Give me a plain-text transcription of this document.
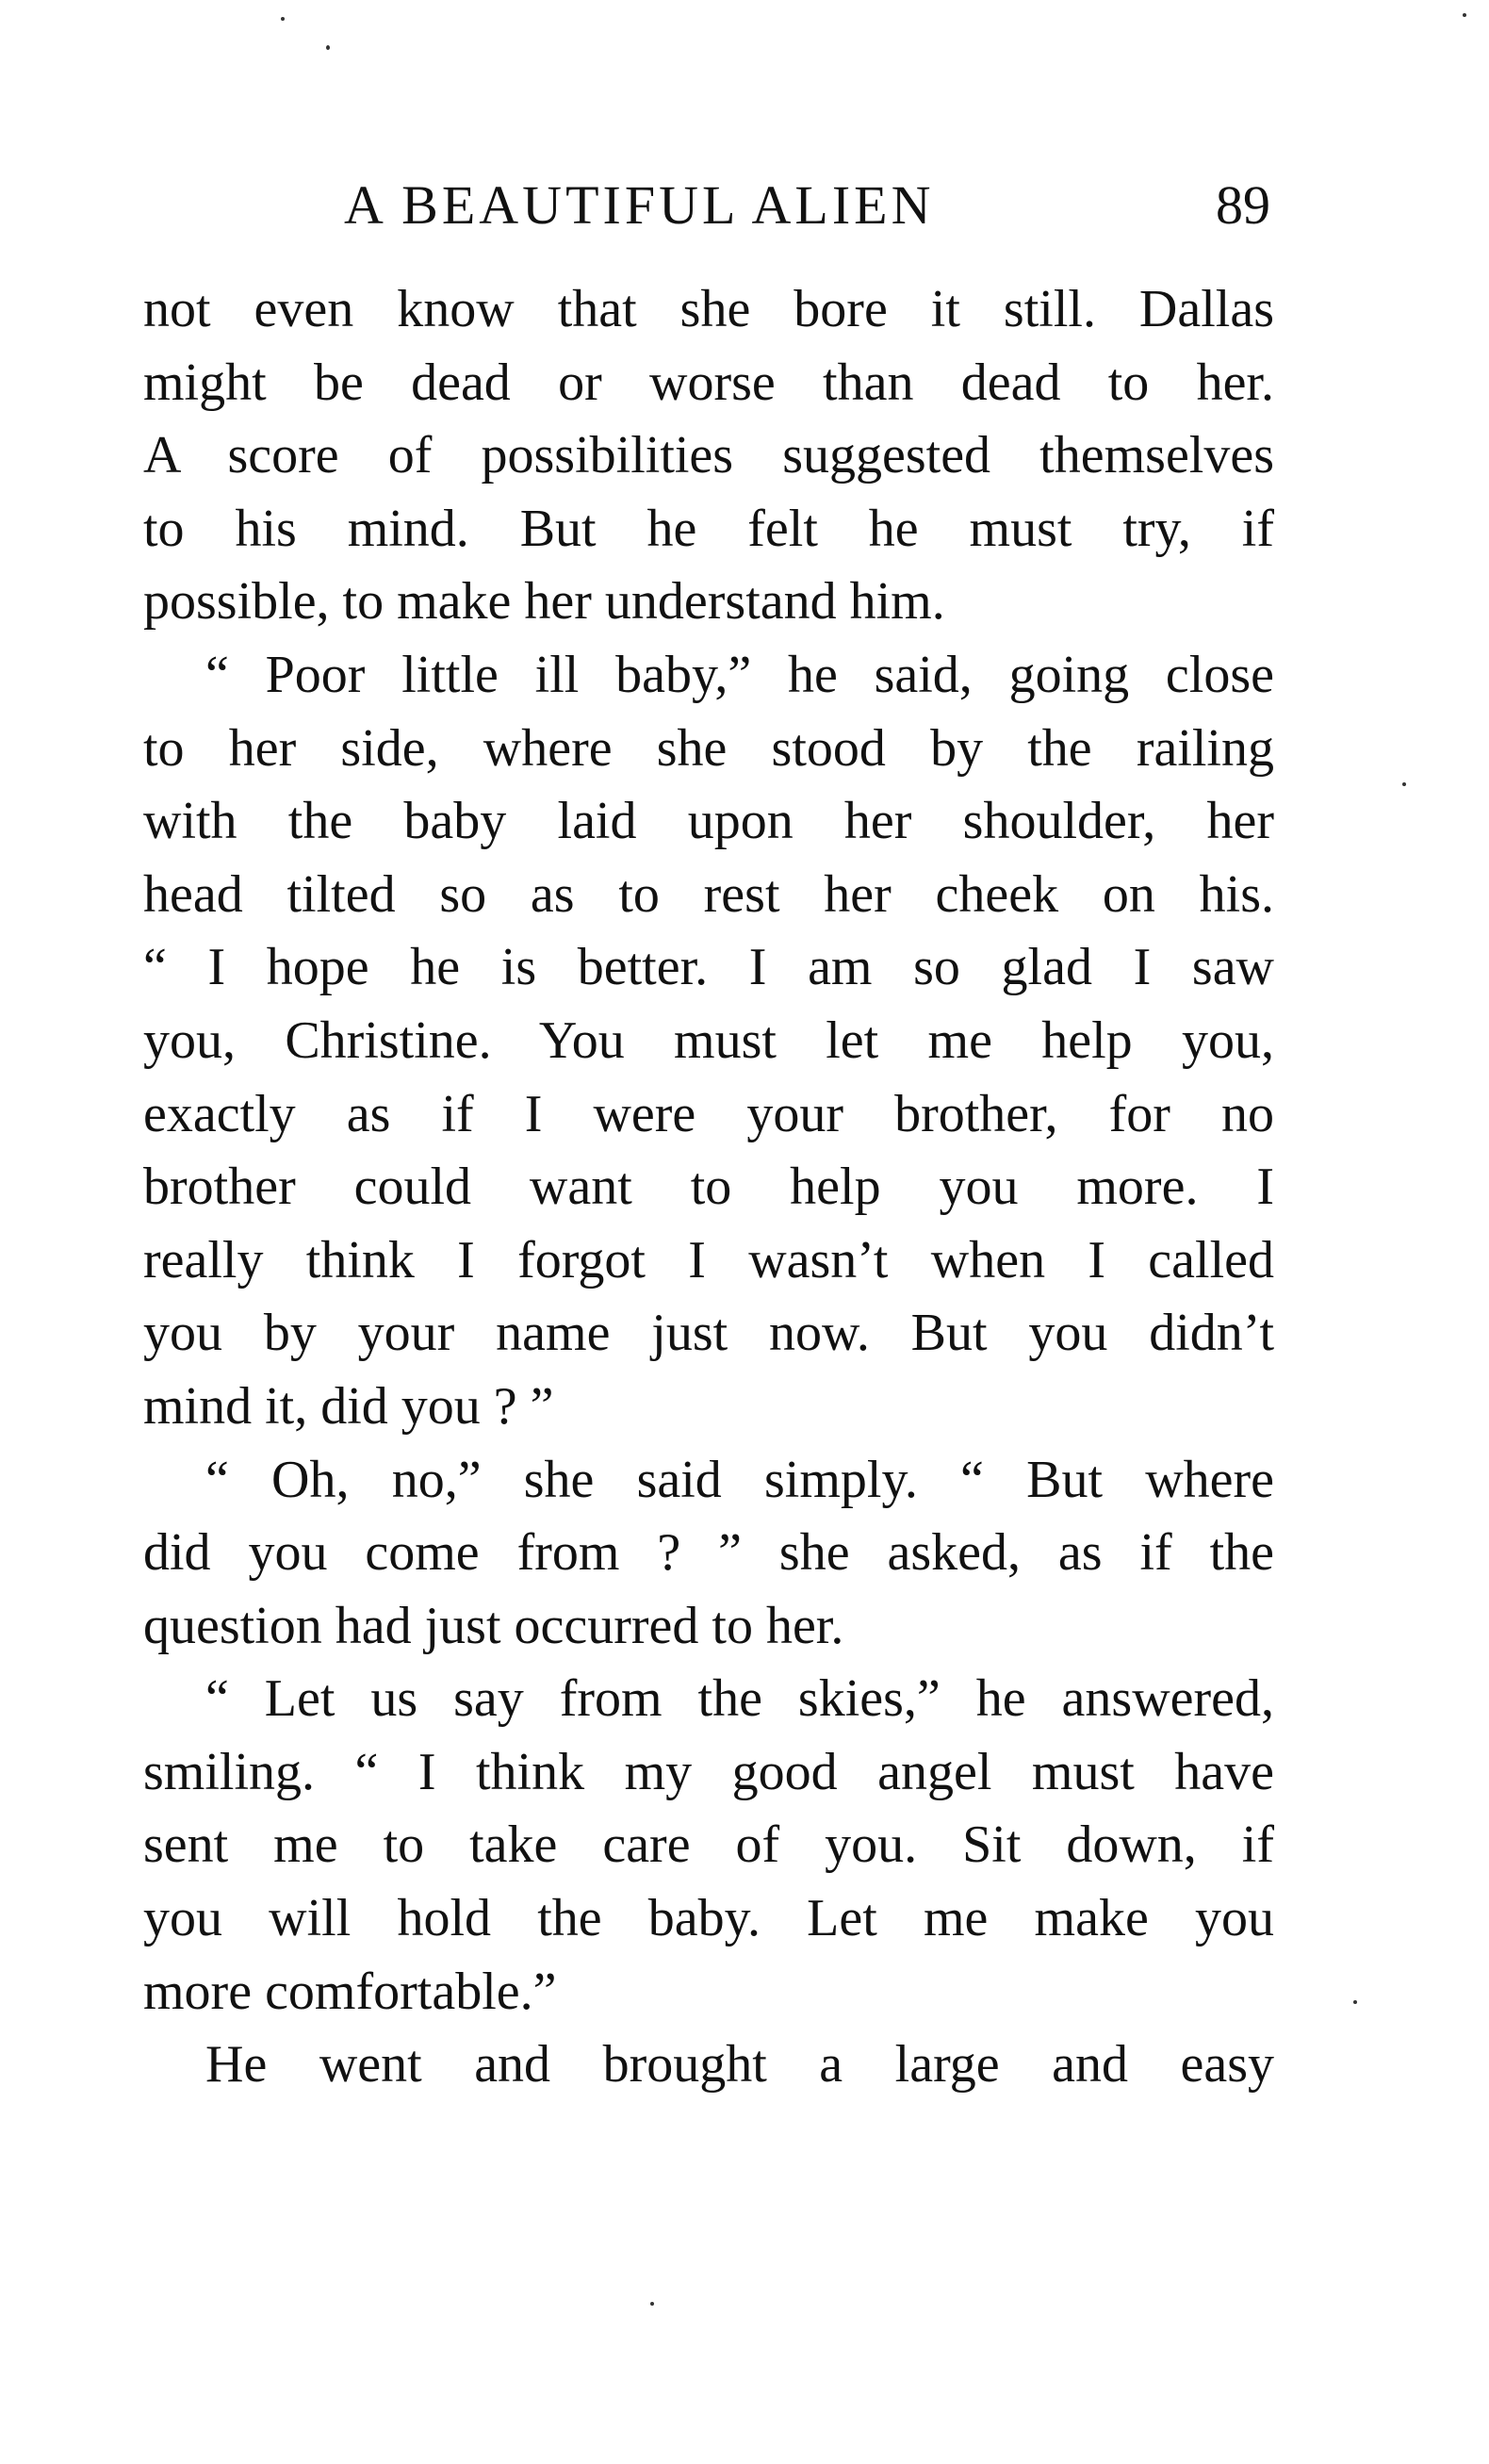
A BEAUTIFUL ALIEN	89
not even know that she bore it still. Dallas
might be dead or worse than dead to her.
A score of possibilities suggested themselves
to his mind. But he felt he must try, if
possible, to make her understand him.
“ Poor little ill baby,” he said, going close
to her side, where she stood by the railing
with the baby laid upon her shoulder, her
head tilted so as to rest her cheek on his.
“ I hope he is better. I am so glad I saw
you, Christine. You must let me help you,
exactly as if I were your brother, for no
brother could want to help you more. I
really think I forgot I wasn’t when I called
you by your name just now. But you didn’t
mind it, did you ? ”
“ Oh, no,” she said simply. “ But where
did you come from ? ” she asked, as if the
question had just occurred to her.
“ Let us say from the skies,” he answered,
smiling. “ I think my good angel must have
sent me to take care of you. Sit down, if
you will hold the baby. Let me make you
more comfortable.”
He went and brought a large and easy
